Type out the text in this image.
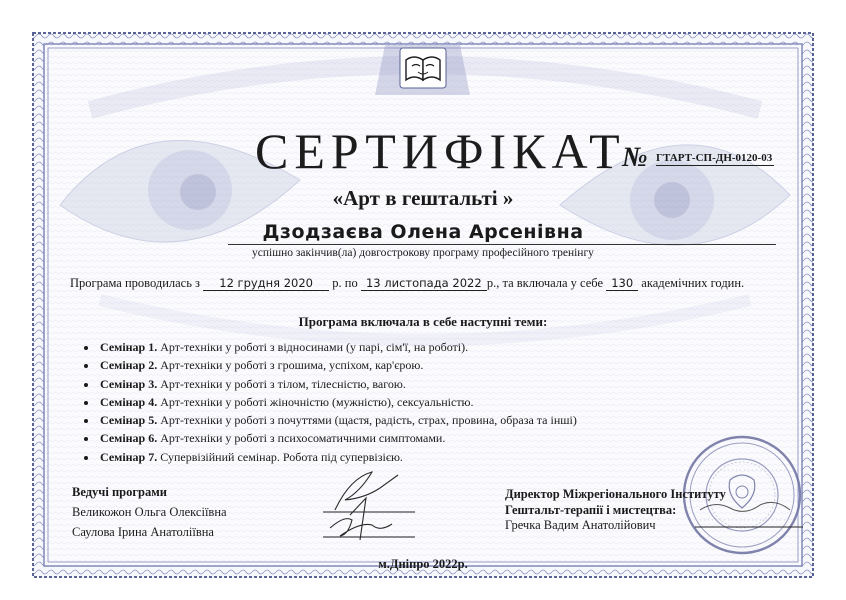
СЕРТИФІКАТ
№ ГТАРТ-СП-ДН-0120-03
«Арт в гештальті »
Дзодзаєва Олена Арсенівна
успішно закінчив(ла) довгострокову програму професійного тренінгу
Програма проводилась з 12 грудня 2020 р. по 13 листопада 2022 р., та включала у себе 130 академічних годин.
Програма включала в себе наступні теми:
• Семінар 1. Арт-техніки у роботі з відносинами (у парі, сім'ї, на роботі).
• Семінар 2. Арт-техніки у роботі з грошима, успіхом, кар'єрою.
• Семінар 3. Арт-техніки у роботі з тілом, тілесністю, вагою.
• Семінар 4. Арт-техніки у роботі жіночністю (мужністю), сексуальністю.
• Семінар 5. Арт-техніки у роботі з почуттями (щастя, радість, страх, провина, образа та інші)
• Семінар 6. Арт-техніки у роботі з психосоматичними симптомами.
• Семінар 7. Супервізійний семінар. Робота під супервізією.
Ведучі програми
Великожон Ольга Олексіївна
Саулова Ірина Анатоліївна
Директор Міжрегіонального Інституту
Гештальт-терапії і мистецтва:
Гречка Вадим Анатолійович
м.Дніпро 2022р.
